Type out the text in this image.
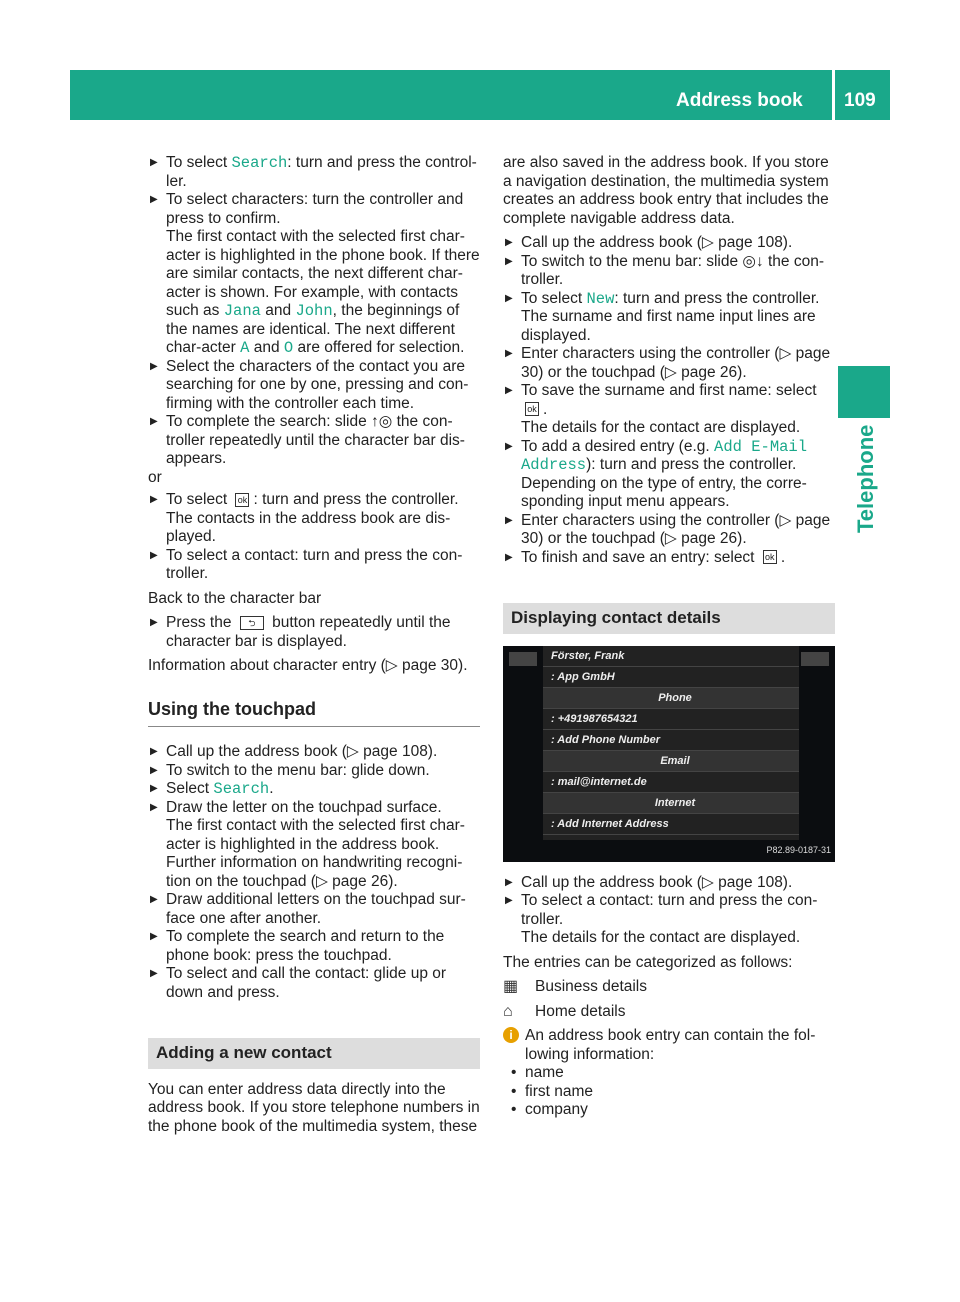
Address book 109
Telephone

▶ To select Search: turn and press the control-ler.

▶ To select characters: turn the controller and press to confirm.
The first contact with the selected first char-acter is highlighted in the phone book. If there are similar contacts, the next different char-acter is shown. For example, with contacts such as Jana and John, the beginnings of the names are identical. The next different char-acter A and O are offered for selection.

▶ Select the characters of the contact you are searching for one by one, pressing and con-firming with the controller each time.

▶ To complete the search: slide ↑◎ the con-troller repeatedly until the character bar dis-appears.

or

▶ To select ok : turn and press the controller. The contacts in the address book are dis-played.

▶ To select a contact: turn and press the con-troller.

Back to the character bar

▶ Press the ⮌ button repeatedly until the character bar is displayed.

Information about character entry (▷ page 30).

Using the touchpad

▶ Call up the address book (▷ page 108).

▶ To switch to the menu bar: glide down.

▶ Select Search.

▶ Draw the letter on the touchpad surface.
The first contact with the selected first char-acter is highlighted in the address book.
Further information on handwriting recogni-tion on the touchpad (▷ page 26).

▶ Draw additional letters on the touchpad sur-face one after another.

▶ To complete the search and return to the phone book: press the touchpad.

▶ To select and call the contact: glide up or down and press.

Adding a new contact

You can enter address data directly into the address book. If you store telephone numbers in the phone book of the multimedia system, these

are also saved in the address book. If you store a navigation destination, the multimedia system creates an address book entry that includes the complete navigable address data.

▶ Call up the address book (▷ page 108).

▶ To switch to the menu bar: slide ◎↓ the con-troller.

▶ To select New: turn and press the controller.
The surname and first name input lines are displayed.

▶ Enter characters using the controller (▷ page 30) or the touchpad (▷ page 26).

▶ To save the surname and first name: select
ok .
The details for the contact are displayed.

▶ To add a desired entry (e.g. Add E-Mail Address): turn and press the controller.
Depending on the type of entry, the corre-sponding input menu appears.

▶ Enter characters using the controller (▷ page 30) or the touchpad (▷ page 26).

▶ To finish and save an entry: select ok .

Displaying contact details
Förster, Frank
: App GmbH
Phone
: +491987654321
: Add Phone Number
Email
: mail@internet.de
Internet
: Add Internet Address
P82.89-0187-31

▶ Call up the address book (▷ page 108).

▶ To select a contact: turn and press the con-troller.
The details for the contact are displayed.

The entries can be categorized as follows:

▦	Business details
⌂	Home details

i An address book entry can contain the fol-lowing information:

• name

• first name

• company
